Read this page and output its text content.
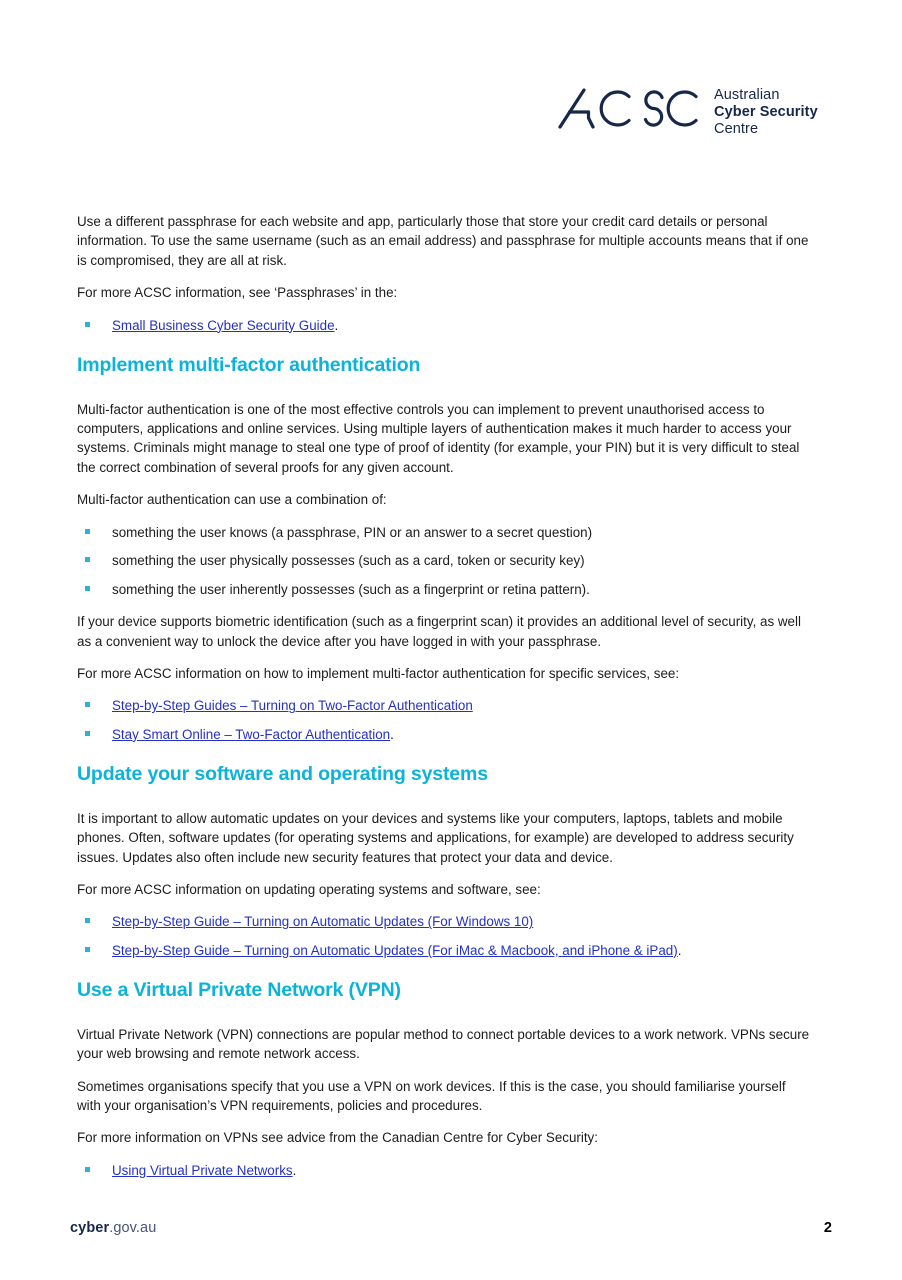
Australian
Cyber Security
Centre

Use a different passphrase for each website and app, particularly those that store your credit card details or personal information. To use the same username (such as an email address) and passphrase for multiple accounts means that if one is compromised, they are all at risk.

For more ACSC information, see ‘Passphrases’ in the:

Small Business Cyber Security Guide.
Implement multi-factor authentication

Multi-factor authentication is one of the most effective controls you can implement to prevent unauthorised access to computers, applications and online services. Using multiple layers of authentication makes it much harder to access your systems. Criminals might manage to steal one type of proof of identity (for example, your PIN) but it is very difficult to steal the correct combination of several proofs for any given account.

Multi-factor authentication can use a combination of:

something the user knows (a passphrase, PIN or an answer to a secret question)
something the user physically possesses (such as a card, token or security key)
something the user inherently possesses (such as a fingerprint or retina pattern).

If your device supports biometric identification (such as a fingerprint scan) it provides an additional level of security, as well as a convenient way to unlock the device after you have logged in with your passphrase.

For more ACSC information on how to implement multi-factor authentication for specific services, see:

Step-by-Step Guides – Turning on Two-Factor Authentication
Stay Smart Online – Two-Factor Authentication.
Update your software and operating systems

It is important to allow automatic updates on your devices and systems like your computers, laptops, tablets and mobile phones. Often, software updates (for operating systems and applications, for example) are developed to address security issues. Updates also often include new security features that protect your data and device.

For more ACSC information on updating operating systems and software, see:

Step-by-Step Guide – Turning on Automatic Updates (For Windows 10)
Step-by-Step Guide – Turning on Automatic Updates (For iMac & Macbook, and iPhone & iPad).
Use a Virtual Private Network (VPN)

Virtual Private Network (VPN) connections are popular method to connect portable devices to a work network. VPNs secure your web browsing and remote network access.

Sometimes organisations specify that you use a VPN on work devices. If this is the case, you should familiarise yourself with your organisation’s VPN requirements, policies and procedures.

For more information on VPNs see advice from the Canadian Centre for Cyber Security:

Using Virtual Private Networks.
cyber.gov.au	2
